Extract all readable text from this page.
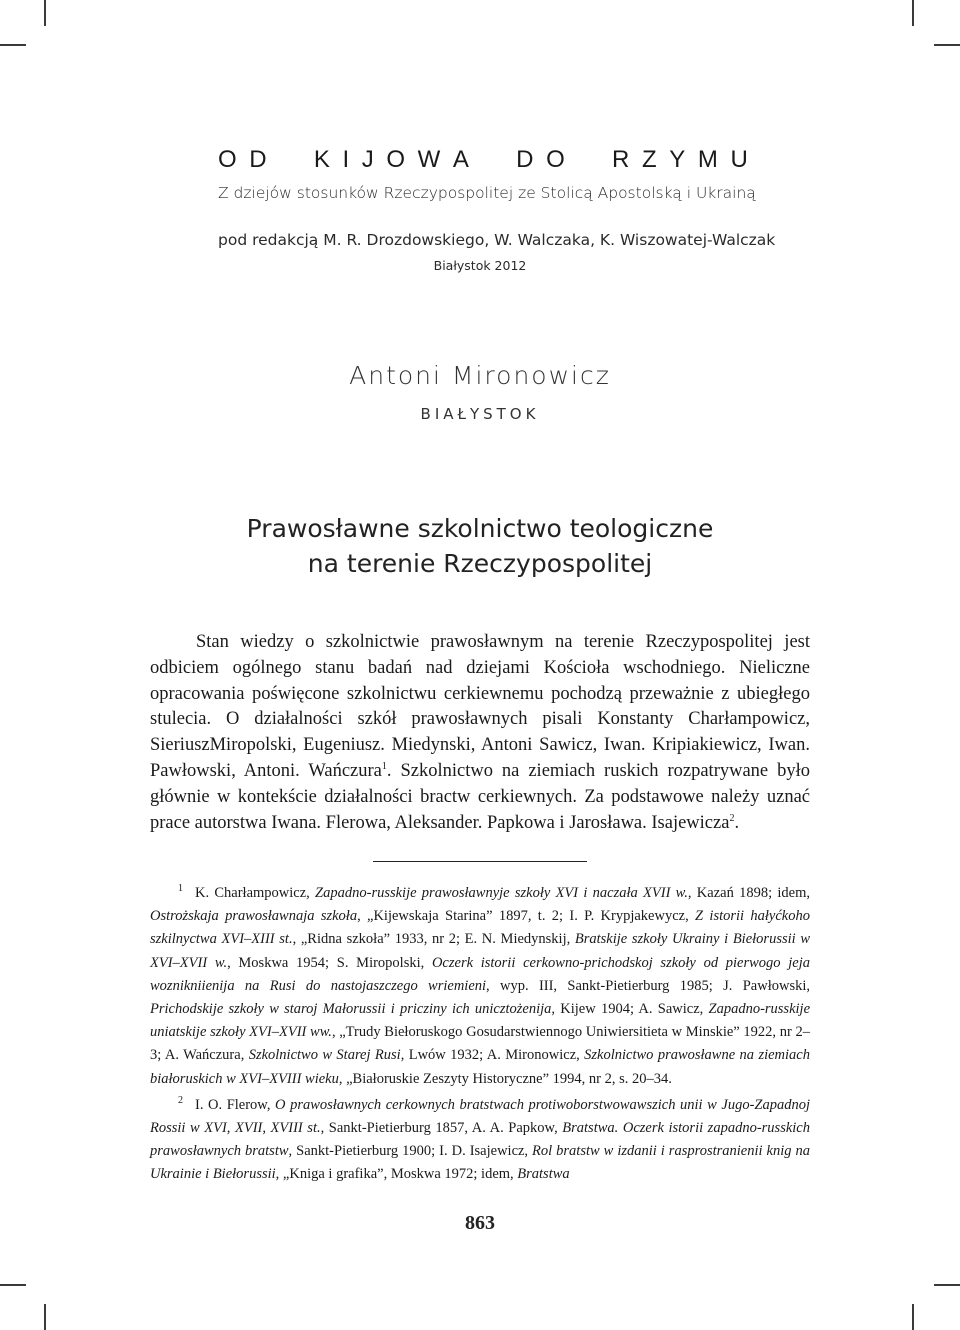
O D K I J O W A D O R Z Y M U
Z dziejów stosunków Rzeczypospolitej ze Stolicą Apostolską i Ukrainą
pod redakcją M. R. Drozdowskiego, W. Walczaka, K. Wiszowatej-Walczak
Białystok 2012
Antoni Mironowicz
BIAŁYSTOK
Prawosławne szkolnictwo teologiczne
na terenie Rzeczypospolitej

Stan wiedzy o szkolnictwie prawosławnym na terenie Rzeczypospolitej jest odbiciem ogólnego stanu badań nad dziejami Kościoła wschodniego. Nieliczne opracowania poświęcone szkolnictwu cerkiewnemu pochodzą przeważnie z ubiegłego stulecia. O działalności szkół prawosławnych pisali Konstanty Charłampowicz, SieriuszMiropolski, Eugeniusz. Miedynski, Antoni Sawicz, Iwan. Kripiakiewicz, Iwan. Pawłowski, Antoni. Wańczura$^1$. Szkolnictwo na ziemiach ruskich rozpatrywane było głównie w kontekście działalności bractw cerkiewnych. Za podstawowe należy uznać prace autorstwa Iwana. Flerowa, Aleksander. Papkowa i Jarosława. Isajewicza$^2$.

$^1$ K. Charłampowicz, Zapadno-russkije prawosławnyje szkoły XVI i naczała XVII w., Kazań 1898; idem, Ostrożskaja prawosławnaja szkoła, „Kijewskaja Starina” 1897, t. 2; I. P. Krypjakewycz, Z istorii hałyćkoho szkilnyctwa XVI–XIII st., „Ridna szkoła” 1933, nr 2; E. N. Miedynskij, Bratskije szkoły Ukrainy i Biełorussii w XVI–XVII w., Moskwa 1954; S. Miropolski, Oczerk istorii cerkowno-prichodskoj szkoły od pierwogo jeja woznikniienija na Rusi do nastojaszczego wriemieni, wyp. III, Sankt-Pietierburg 1985; J. Pawłowski, Prichodskije szkoły w staroj Małorussii i pricziny ich unicztożenija, Kijew 1904; A. Sawicz, Zapadno-russkije uniatskije szkoły XVI–XVII ww., „Trudy Biełoruskogo Gosudarstwiennogo Uniwiersitieta w Minskie” 1922, nr 2–3; A. Wańczura, Szkolnictwo w Starej Rusi, Lwów 1932; A. Mironowicz, Szkolnictwo prawosławne na ziemiach białoruskich w XVI–XVIII wieku, „Białoruskie Zeszyty Historyczne” 1994, nr 2, s. 20–34.

$^2$ I. O. Flerow, O prawosławnych cerkownych bratstwach protiwoborstwowawszich unii w Jugo-Zapadnoj Rossii w XVI, XVII, XVIII st., Sankt-Pietierburg 1857, A. A. Papkow, Bratstwa. Oczerk istorii zapadno-russkich prawosławnych bratstw, Sankt-Pietierburg 1900; I. D. Isajewicz, Rol bratstw w izdanii i rasprostranienii knig na Ukrainie i Biełorussii, „Kniga i grafika”, Moskwa 1972; idem, Bratstwa

863
